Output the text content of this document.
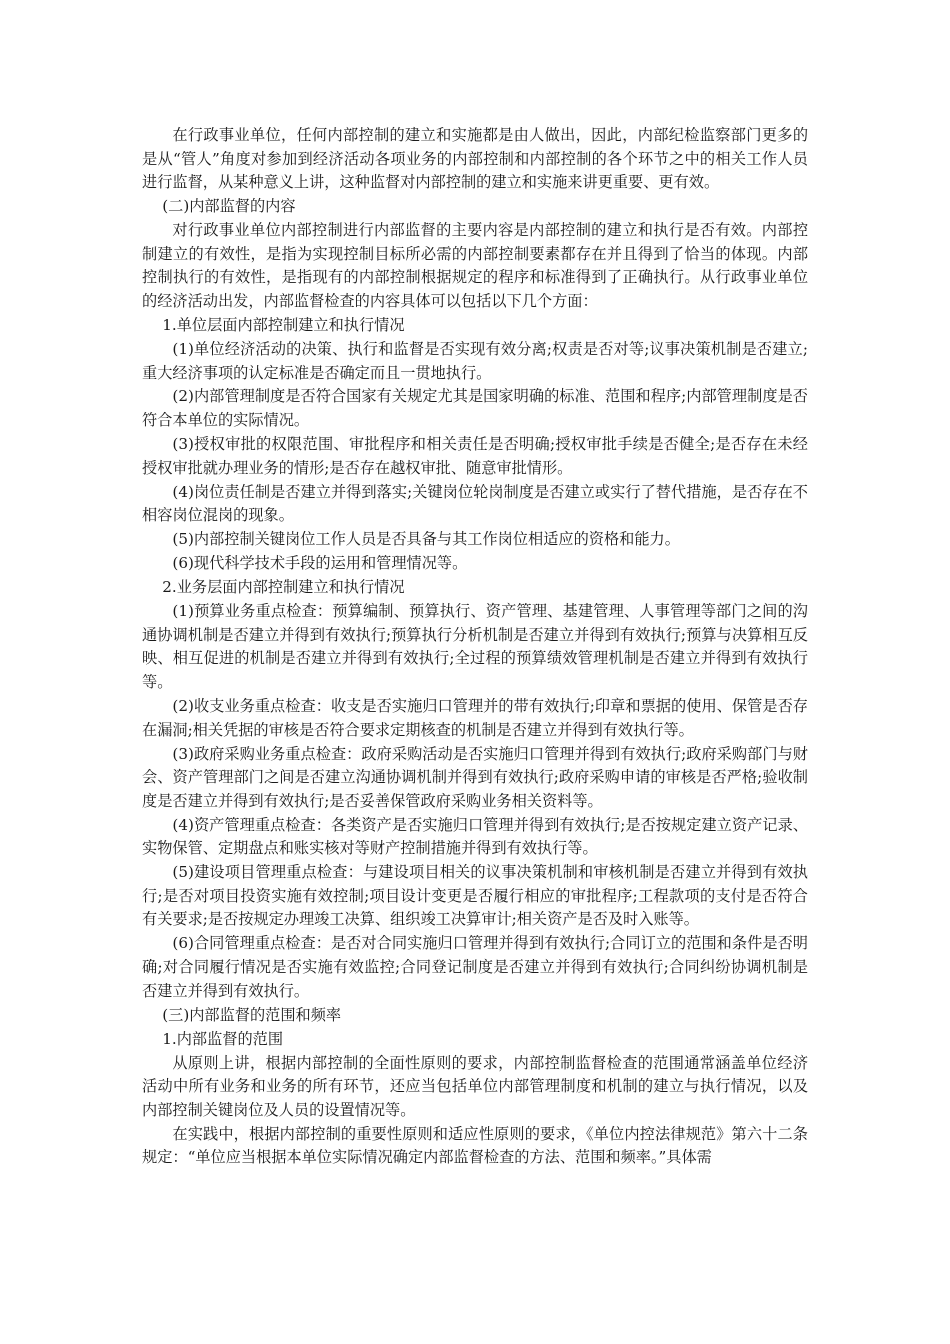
在行政事业单位，任何内部控制的建立和实施都是由人做出，因此，内部纪检监察部门更多的是从“管人”角度对参加到经济活动各项业务的内部控制和内部控制的各个环节之中的相关工作人员进行监督，从某种意义上讲，这种监督对内部控制的建立和实施来讲更重要、更有效。

(二)内部监督的内容

对行政事业单位内部控制进行内部监督的主要内容是内部控制的建立和执行是否有效。内部控制建立的有效性，是指为实现控制目标所必需的内部控制要素都存在并且得到了恰当的体现。内部控制执行的有效性，是指现有的内部控制根据规定的程序和标准得到了正确执行。从行政事业单位的经济活动出发，内部监督检查的内容具体可以包括以下几个方面：

1.单位层面内部控制建立和执行情况

(1)单位经济活动的决策、执行和监督是否实现有效分离;权责是否对等;议事决策机制是否建立;重大经济事项的认定标准是否确定而且一贯地执行。

(2)内部管理制度是否符合国家有关规定尤其是国家明确的标准、范围和程序;内部管理制度是否符合本单位的实际情况。

(3)授权审批的权限范围、审批程序和相关责任是否明确;授权审批手续是否健全;是否存在未经授权审批就办理业务的情形;是否存在越权审批、随意审批情形。

(4)岗位责任制是否建立并得到落实;关键岗位轮岗制度是否建立或实行了替代措施，是否存在不相容岗位混岗的现象。

(5)内部控制关键岗位工作人员是否具备与其工作岗位相适应的资格和能力。

(6)现代科学技术手段的运用和管理情况等。

2.业务层面内部控制建立和执行情况

(1)预算业务重点检查：预算编制、预算执行、资产管理、基建管理、人事管理等部门之间的沟通协调机制是否建立并得到有效执行;预算执行分析机制是否建立并得到有效执行;预算与决算相互反映、相互促进的机制是否建立并得到有效执行;全过程的预算绩效管理机制是否建立并得到有效执行等。

(2)收支业务重点检查：收支是否实施归口管理并的带有效执行;印章和票据的使用、保管是否存在漏洞;相关凭据的审核是否符合要求定期核查的机制是否建立并得到有效执行等。

(3)政府采购业务重点检查：政府采购活动是否实施归口管理并得到有效执行;政府采购部门与财会、资产管理部门之间是否建立沟通协调机制并得到有效执行;政府采购申请的审核是否严格;验收制度是否建立并得到有效执行;是否妥善保管政府采购业务相关资料等。

(4)资产管理重点检查：各类资产是否实施归口管理并得到有效执行;是否按规定建立资产记录、实物保管、定期盘点和账实核对等财产控制措施并得到有效执行等。

(5)建设项目管理重点检查：与建设项目相关的议事决策机制和审核机制是否建立并得到有效执行;是否对项目投资实施有效控制;项目设计变更是否履行相应的审批程序;工程款项的支付是否符合有关要求;是否按规定办理竣工决算、组织竣工决算审计;相关资产是否及时入账等。

(6)合同管理重点检查：是否对合同实施归口管理并得到有效执行;合同订立的范围和条件是否明确;对合同履行情况是否实施有效监控;合同登记制度是否建立并得到有效执行;合同纠纷协调机制是否建立并得到有效执行。

(三)内部监督的范围和频率

1.内部监督的范围

从原则上讲，根据内部控制的全面性原则的要求，内部控制监督检查的范围通常涵盖单位经济活动中所有业务和业务的所有环节，还应当包括单位内部管理制度和机制的建立与执行情况，以及内部控制关键岗位及人员的设置情况等。

在实践中，根据内部控制的重要性原则和适应性原则的要求，《单位内控法律规范》第六十二条规定：“单位应当根据本单位实际情况确定内部监督检查的方法、范围和频率。”具体需
